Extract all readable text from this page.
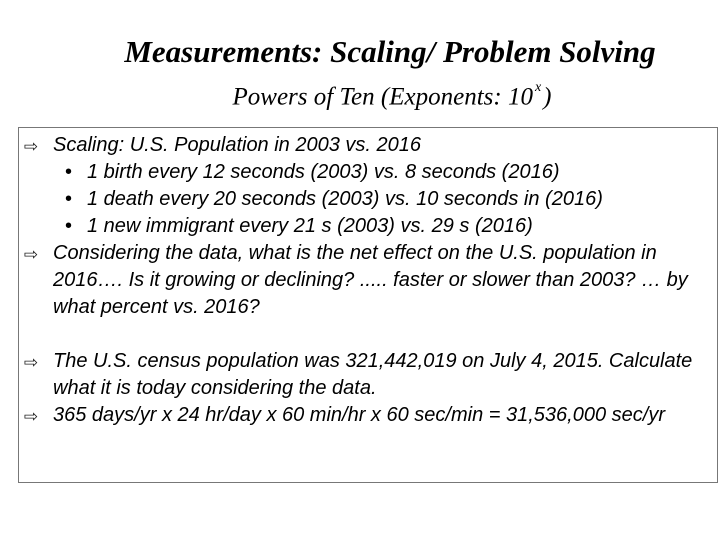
Measurements: Scaling/ Problem Solving
Powers of Ten (Exponents: 10 $^x$)
⇨ Scaling: U.S. Population in 2003 vs. 2016
• 1 birth every 12 seconds (2003) vs. 8 seconds (2016)
• 1 death every 20 seconds (2003) vs. 10 seconds in (2016)
• 1 new immigrant every 21 s (2003) vs. 29 s (2016)
⇨ Considering the data, what is the net effect on the U.S. population in 2016…. Is it growing or declining? ..... faster or slower than 2003? … by what percent vs. 2016?
⇨ The U.S. census population was 321,442,019 on July 4, 2015. Calculate what it is today considering the data.
⇨ 365 days/yr x 24 hr/day x 60 min/hr x 60 sec/min = 31,536,000 sec/yr
